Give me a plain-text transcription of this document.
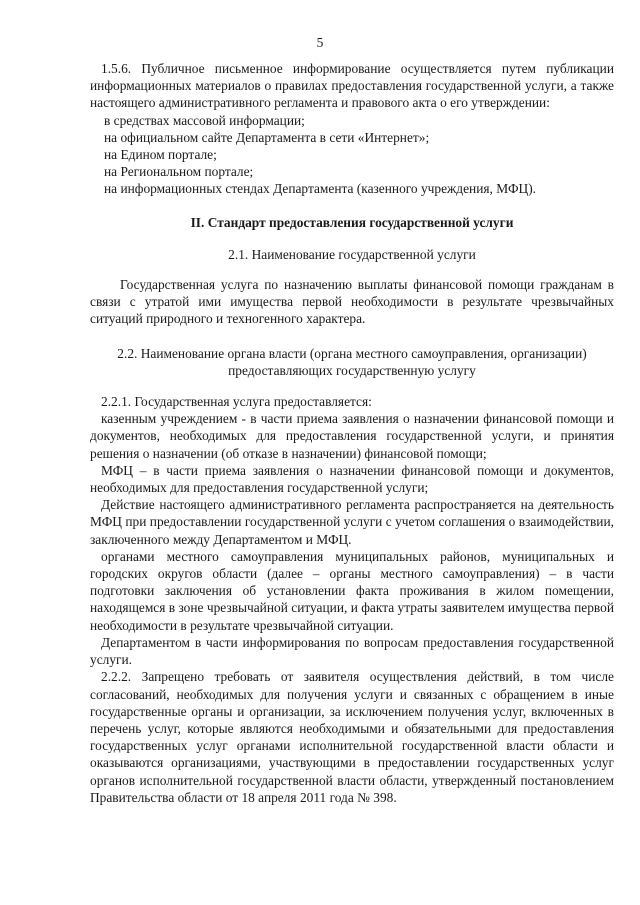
5

1.5.6. Публичное письменное информирование осуществляется путем публикации информационных материалов о правилах предоставления государственной услуги, а также настоящего административного регламента и правового акта о его утверждении:

в средствах массовой информации;

на официальном сайте Департамента в сети «Интернет»;

на Едином портале;

на Региональном портале;

на информационных стендах Департамента (казенного учреждения, МФЦ).

II. Стандарт предоставления государственной услуги

2.1. Наименование государственной услуги

Государственная услуга по назначению выплаты финансовой помощи гражданам в связи с утратой ими имущества первой необходимости в результате чрезвычайных ситуаций природного и техногенного характера.

2.2. Наименование органа власти (органа местного самоуправления, организации)

предоставляющих государственную услугу

2.2.1. Государственная услуга предоставляется:

казенным учреждением - в части приема заявления о назначении финансовой помощи и документов, необходимых для предоставления государственной услуги, и принятия решения о назначении (об отказе в назначении) финансовой помощи;

МФЦ – в части приема заявления о назначении финансовой помощи и документов, необходимых для предоставления государственной услуги;

Действие настоящего административного регламента распространяется на деятельность МФЦ при предоставлении государственной услуги с учетом соглашения о взаимодействии, заключенного между Департаментом и МФЦ.

органами местного самоуправления муниципальных районов, муниципальных и городских округов области (далее – органы местного самоуправления) – в части подготовки заключения об установлении факта проживания в жилом помещении, находящемся в зоне чрезвычайной ситуации, и факта утраты заявителем имущества первой необходимости в результате чрезвычайной ситуации.

Департаментом в части информирования по вопросам предоставления государственной услуги.

2.2.2. Запрещено требовать от заявителя осуществления действий, в том числе согласований, необходимых для получения услуги и связанных с обращением в иные государственные органы и организации, за исключением получения услуг, включенных в перечень услуг, которые являются необходимыми и обязательными для предоставления государственных услуг органами исполнительной государственной власти области и оказываются организациями, участвующими в предоставлении государственных услуг органов исполнительной государственной власти области, утвержденный постановлением Правительства области от 18 апреля 2011 года № 398.
